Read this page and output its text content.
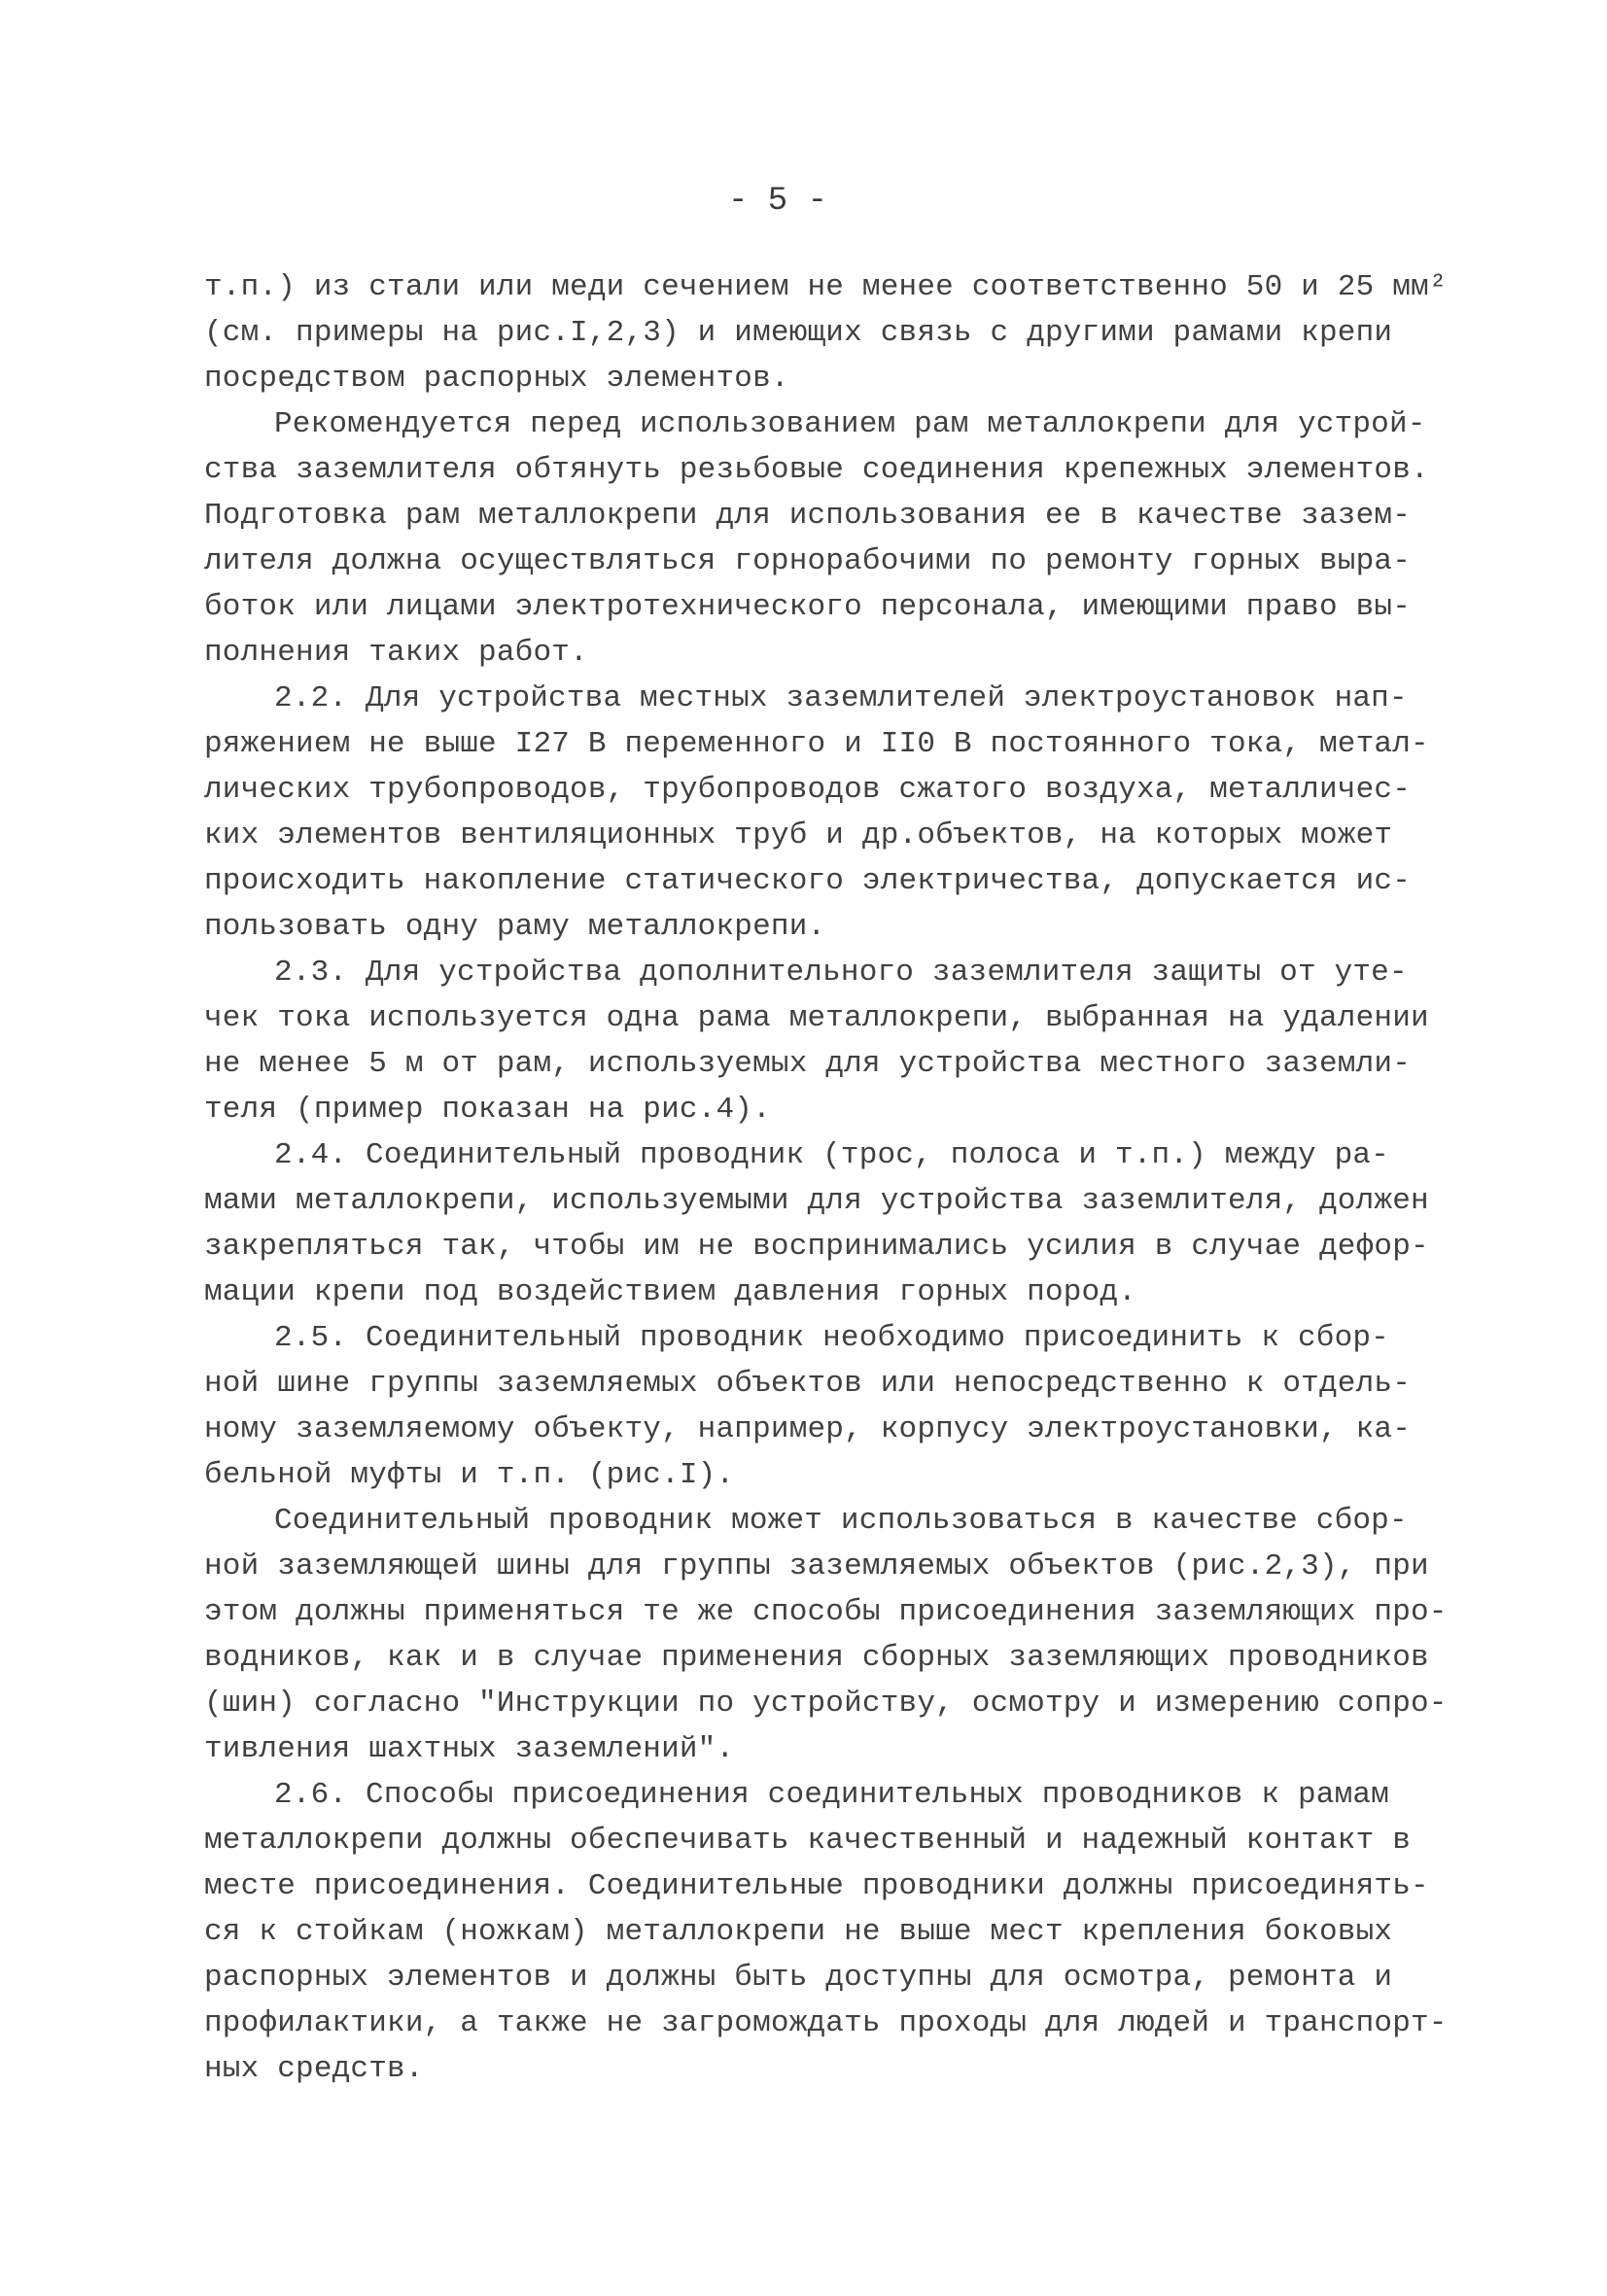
- 5 -
т.п.) из стали или меди сечением не менее соответственно 50 и 25 мм²
(см. примеры на рис.I,2,3) и имеющих связь с другими рамами крепи
посредством распорных элементов.
Рекомендуется перед использованием рам металлокрепи для устрой-
ства заземлителя обтянуть резьбовые соединения крепежных элементов.
Подготовка рам металлокрепи для использования ее в качестве зазем-
лителя должна осуществляться горнорабочими по ремонту горных выра-
боток или лицами электротехнического персонала, имеющими право вы-
полнения таких работ.
2.2. Для устройства местных заземлителей электроустановок нап-
ряжением не выше I27 В переменного и II0 В постоянного тока, метал-
лических трубопроводов, трубопроводов сжатого воздуха, металличес-
ких элементов вентиляционных труб и др.объектов, на которых может
происходить накопление статического электричества, допускается ис-
пользовать одну раму металлокрепи.
2.3. Для устройства дополнительного заземлителя защиты от уте-
чек тока используется одна рама металлокрепи, выбранная на удалении
не менее 5 м от рам, используемых для устройства местного заземли-
теля (пример показан на рис.4).
2.4. Соединительный проводник (трос, полоса и т.п.) между ра-
мами металлокрепи, используемыми для устройства заземлителя, должен
закрепляться так, чтобы им не воспринимались усилия в случае дефор-
мации крепи под воздействием давления горных пород.
2.5. Соединительный проводник необходимо присоединить к сбор-
ной шине группы заземляемых объектов или непосредственно к отдель-
ному заземляемому объекту, например, корпусу электроустановки, ка-
бельной муфты и т.п. (рис.I).
Соединительный проводник может использоваться в качестве сбор-
ной заземляющей шины для группы заземляемых объектов (рис.2,3), при
этом должны применяться те же способы присоединения заземляющих про-
водников, как и в случае применения сборных заземляющих проводников
(шин) согласно "Инструкции по устройству, осмотру и измерению сопро-
тивления шахтных заземлений".
2.6. Способы присоединения соединительных проводников к рамам
металлокрепи должны обеспечивать качественный и надежный контакт в
месте присоединения. Соединительные проводники должны присоединять-
ся к стойкам (ножкам) металлокрепи не выше мест крепления боковых
распорных элементов и должны быть доступны для осмотра, ремонта и
профилактики, а также не загромождать проходы для людей и транспорт-
ных средств.
